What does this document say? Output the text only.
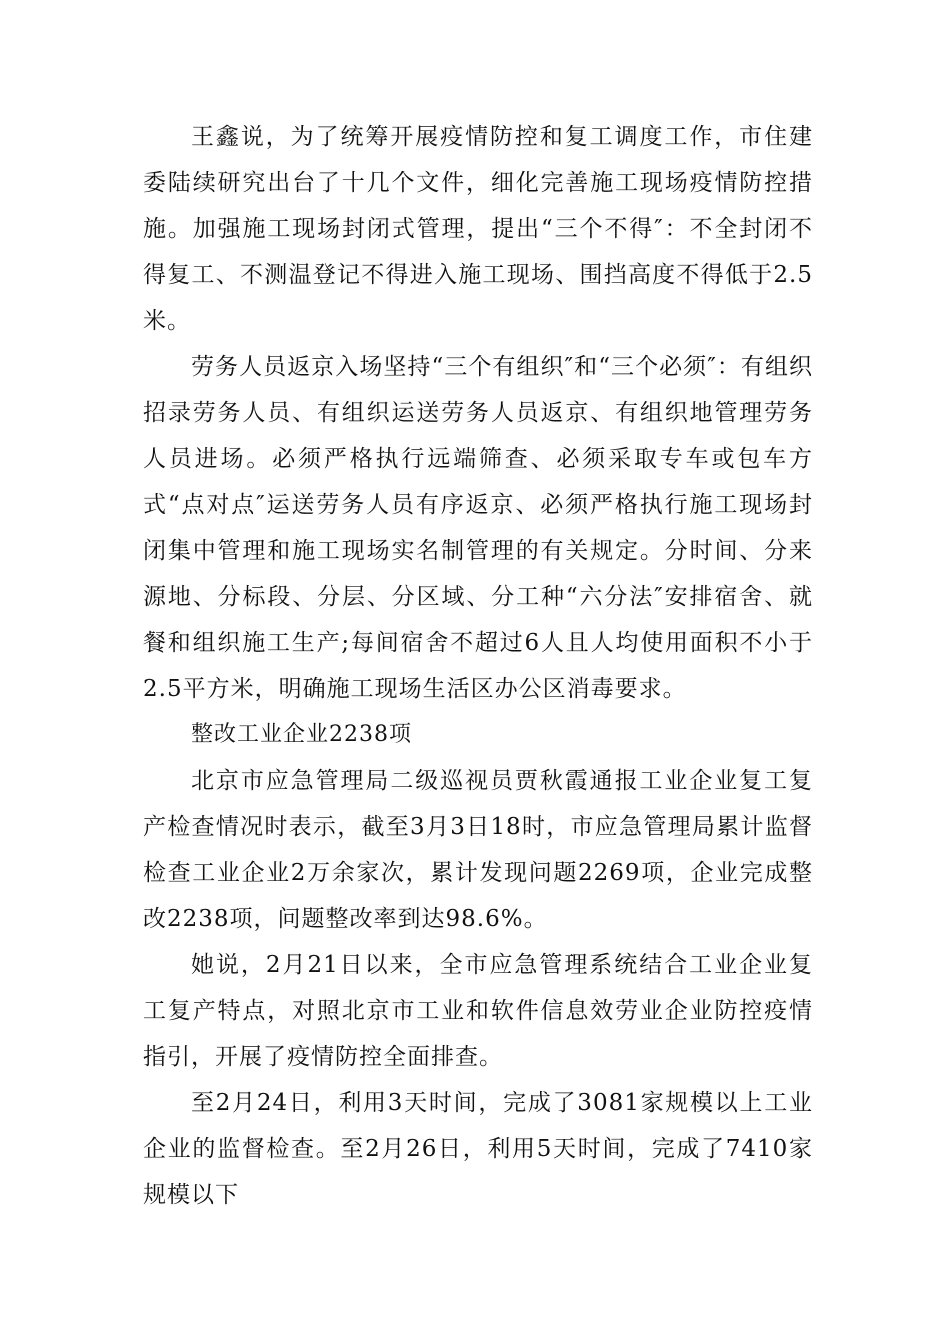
王鑫说，为了统筹开展疫情防控和复工调度工作，市住建委陆续研究出台了十几个文件，细化完善施工现场疫情防控措施。加强施工现场封闭式管理，提出“三个不得″：不全封闭不得复工、不测温登记不得进入施工现场、围挡高度不得低于2.5米。

劳务人员返京入场坚持“三个有组织″和“三个必须″：有组织招录劳务人员、有组织运送劳务人员返京、有组织地管理劳务人员进场。必须严格执行远端筛查、必须采取专车或包车方式“点对点″运送劳务人员有序返京、必须严格执行施工现场封闭集中管理和施工现场实名制管理的有关规定。分时间、分来源地、分标段、分层、分区域、分工种“六分法″安排宿舍、就餐和组织施工生产;每间宿舍不超过6人且人均使用面积不小于2.5平方米，明确施工现场生活区办公区消毒要求。

整改工业企业2238项

北京市应急管理局二级巡视员贾秋霞通报工业企业复工复产检查情况时表示，截至3月3日18时，市应急管理局累计监督检查工业企业2万余家次，累计发现问题2269项，企业完成整改2238项，问题整改率到达98.6%。

她说，2月21日以来，全市应急管理系统结合工业企业复工复产特点，对照北京市工业和软件信息效劳业企业防控疫情指引，开展了疫情防控全面排查。

至2月24日，利用3天时间，完成了3081家规模以上工业企业的监督检查。至2月26日，利用5天时间，完成了7410家规模以下
